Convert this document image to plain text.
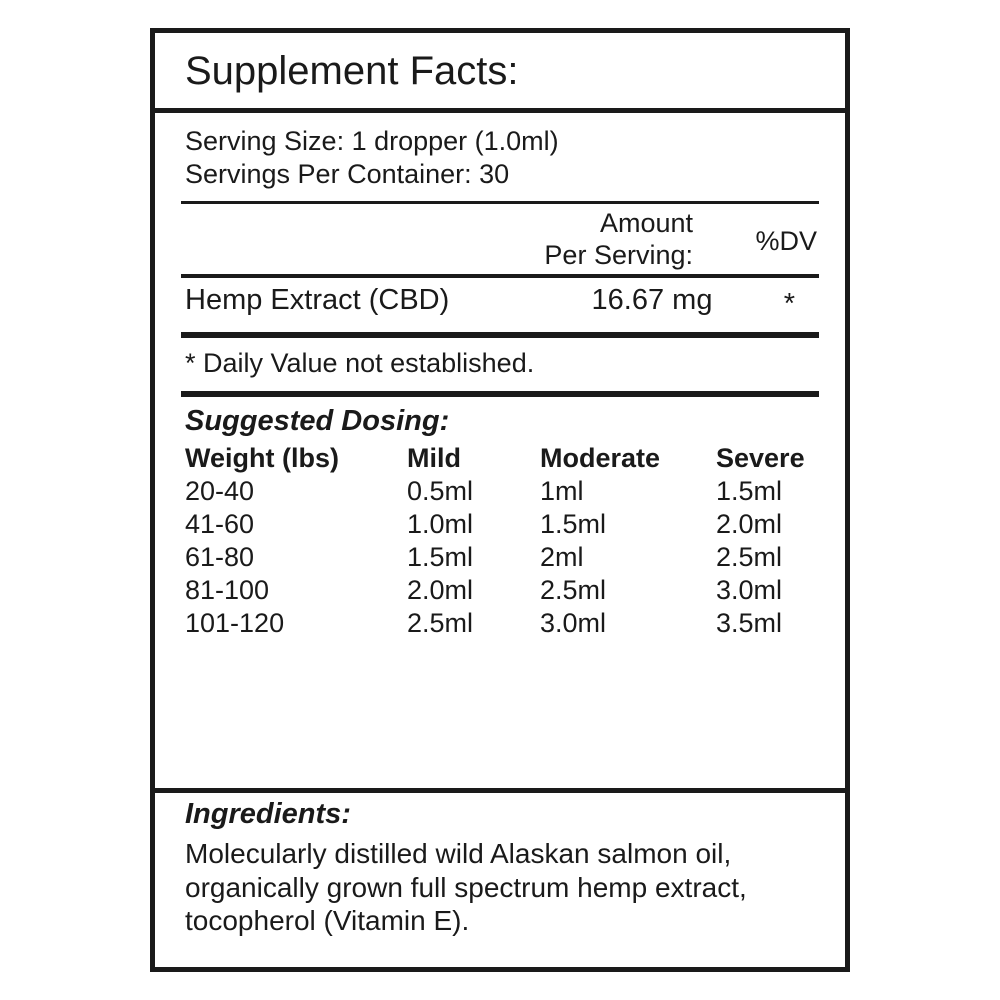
Supplement Facts:
Serving Size: 1 dropper (1.0ml)
Servings Per Container: 30
Amount
Per Serving: %DV
Hemp Extract (CBD)	16.67 mg	*
* Daily Value not established.
Suggested Dosing:
Weight (lbs)	Mild	Moderate	Severe
20-40	0.5ml	1ml	1.5ml
41-60	1.0ml	1.5ml	2.0ml
61-80	1.5ml	2ml	2.5ml
81-100	2.0ml	2.5ml	3.0ml
101-120	2.5ml	3.0ml	3.5ml
Ingredients:
Molecularly distilled wild Alaskan salmon oil, organically grown full spectrum hemp extract, tocopherol (Vitamin E).
